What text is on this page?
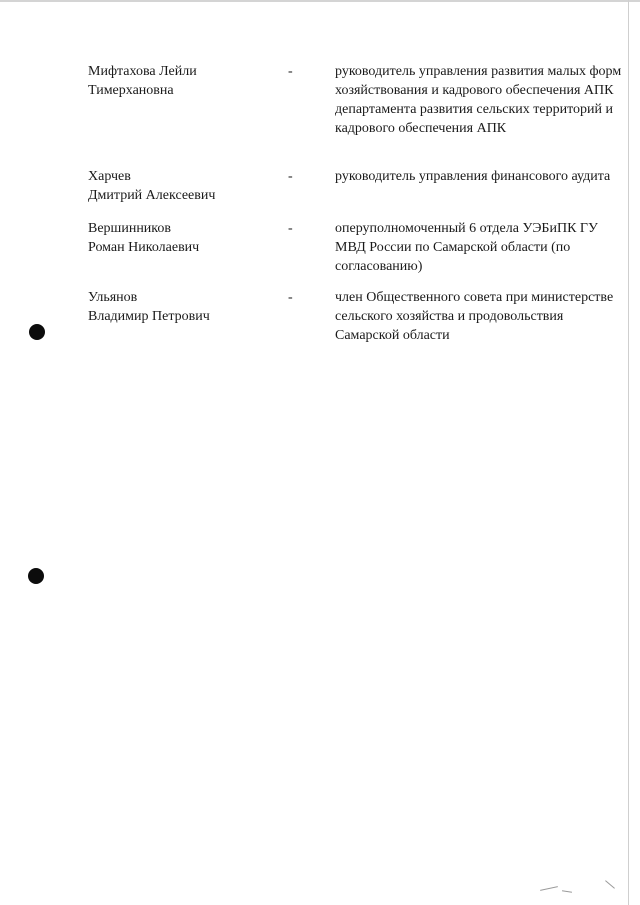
Мифтахова Лейли
Тимерхановна
-	руководитель управления развития малых форм хозяйствования и кадрового обеспечения АПК департамента развития сельских территорий и кадрового обеспечения АПК
Харчев
Дмитрий Алексеевич
-	руководитель управления финансового аудита
Вершинников
Роман Николаевич
-	оперуполномоченный 6 отдела УЭБиПК ГУ МВД России по Самарской области (по согласованию)
Ульянов
Владимир Петрович
-	член Общественного совета при министерстве сельского хозяйства и продовольствия Самарской области
